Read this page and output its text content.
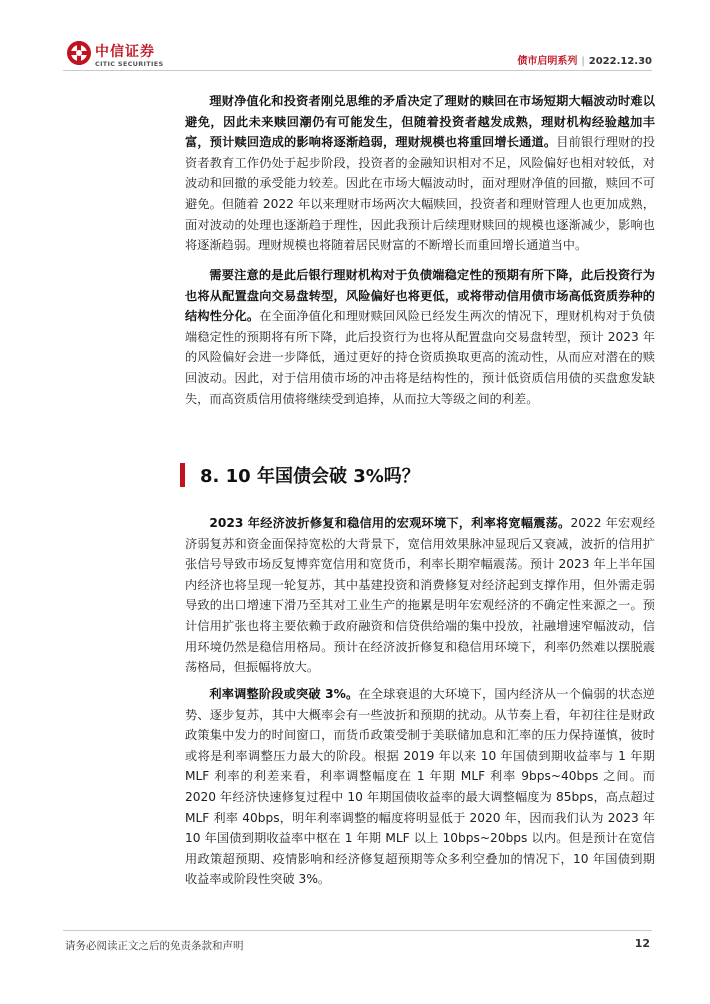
中信证券
CITIC SECURITIES	债市启明系列 | 2022.12.30

理财净值化和投资者刚兑思维的矛盾决定了理财的赎回在市场短期大幅波动时难以避免，因此未来赎回潮仍有可能发生，但随着投资者越发成熟，理财机构经验越加丰富，预计赎回造成的影响将逐渐趋弱，理财规模也将重回增长通道。目前银行理财的投资者教育工作仍处于起步阶段，投资者的金融知识相对不足，风险偏好也相对较低，对波动和回撤的承受能力较差。因此在市场大幅波动时，面对理财净值的回撤，赎回不可避免。但随着 2022 年以来理财市场两次大幅赎回，投资者和理财管理人也更加成熟，面对波动的处理也逐渐趋于理性，因此我预计后续理财赎回的规模也逐渐减少，影响也将逐渐趋弱。理财规模也将随着居民财富的不断增长而重回增长通道当中。

需要注意的是此后银行理财机构对于负债端稳定性的预期有所下降，此后投资行为也将从配置盘向交易盘转型，风险偏好也将更低，或将带动信用债市场高低资质券种的结构性分化。在全面净值化和理财赎回风险已经发生两次的情况下，理财机构对于负债端稳定性的预期将有所下降，此后投资行为也将从配置盘向交易盘转型，预计 2023 年的风险偏好会进一步降低，通过更好的持仓资质换取更高的流动性，从而应对潜在的赎回波动。因此，对于信用债市场的冲击将是结构性的，预计低资质信用债的买盘愈发缺失，而高资质信用债将继续受到追捧，从而拉大等级之间的利差。

8. 10 年国债会破 3%吗？

2023 年经济波折修复和稳信用的宏观环境下，利率将宽幅震荡。2022 年宏观经济弱复苏和资金面保持宽松的大背景下，宽信用效果脉冲显现后又衰减，波折的信用扩张信号导致市场反复博弈宽信用和宽货币，利率长期窄幅震荡。预计 2023 年上半年国内经济也将呈现一轮复苏，其中基建投资和消费修复对经济起到支撑作用，但外需走弱导致的出口增速下滑乃至其对工业生产的拖累是明年宏观经济的不确定性来源之一。预计信用扩张也将主要依赖于政府融资和信贷供给端的集中投放，社融增速窄幅波动，信用环境仍然是稳信用格局。预计在经济波折修复和稳信用环境下，利率仍然难以摆脱震荡格局，但振幅将放大。

利率调整阶段或突破 3%。在全球衰退的大环境下，国内经济从一个偏弱的状态逆势、逐步复苏，其中大概率会有一些波折和预期的扰动。从节奏上看，年初往往是财政政策集中发力的时间窗口，而货币政策受制于美联储加息和汇率的压力保持谨慎，彼时或将是利率调整压力最大的阶段。根据 2019 年以来 10 年国债到期收益率与 1 年期 MLF 利率的利差来看，利率调整幅度在 1 年期 MLF 利率 9bps~40bps 之间。而 2020 年经济快速修复过程中 10 年期国债收益率的最大调整幅度为 85bps，高点超过 MLF 利率 40bps，明年利率调整的幅度将明显低于 2020 年，因而我们认为 2023 年 10 年国债到期收益率中枢在 1 年期 MLF 以上 10bps~20bps 以内。但是预计在宽信用政策超预期、疫情影响和经济修复超预期等众多利空叠加的情况下，10 年国债到期收益率或阶段性突破 3%。

请务必阅读正文之后的免责条款和声明	12
